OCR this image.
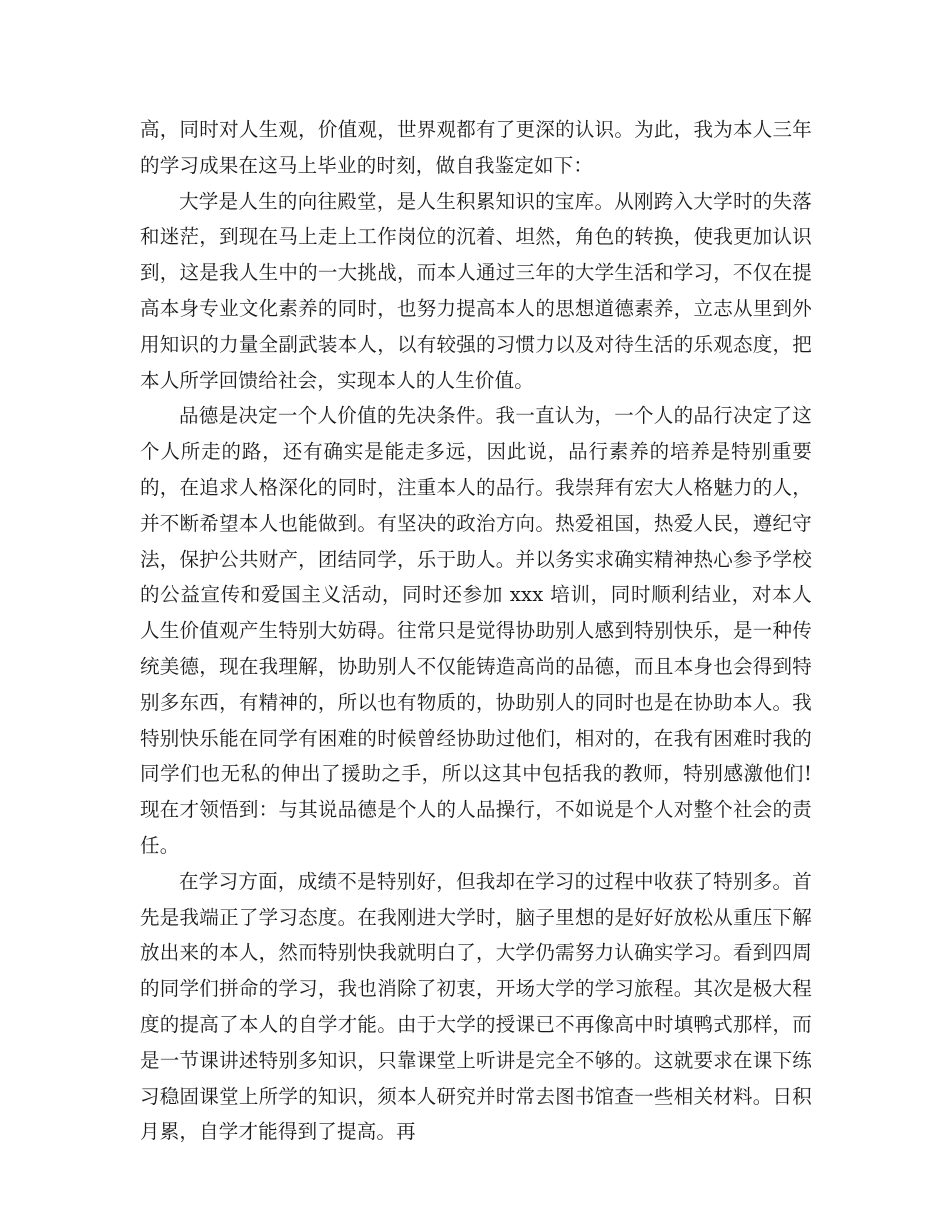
高，同时对人生观，价值观，世界观都有了更深的认识。为此，我为本人三年的学习成果在这马上毕业的时刻，做自我鉴定如下：

大学是人生的向往殿堂，是人生积累知识的宝库。从刚跨入大学时的失落和迷茫，到现在马上走上工作岗位的沉着、坦然，角色的转换，使我更加认识到，这是我人生中的一大挑战，而本人通过三年的大学生活和学习，不仅在提高本身专业文化素养的同时，也努力提高本人的思想道德素养，立志从里到外用知识的力量全副武装本人，以有较强的习惯力以及对待生活的乐观态度，把本人所学回馈给社会，实现本人的人生价值。

品德是决定一个人价值的先决条件。我一直认为，一个人的品行决定了这个人所走的路，还有确实是能走多远，因此说，品行素养的培养是特别重要的，在追求人格深化的同时，注重本人的品行。我崇拜有宏大人格魅力的人，并不断希望本人也能做到。有坚决的政治方向。热爱祖国，热爱人民，遵纪守法，保护公共财产，团结同学，乐于助人。并以务实求确实精神热心参予学校的公益宣传和爱国主义活动，同时还参加 xxx 培训，同时顺利结业，对本人人生价值观产生特别大妨碍。往常只是觉得协助别人感到特别快乐，是一种传统美德，现在我理解，协助别人不仅能铸造高尚的品德，而且本身也会得到特别多东西，有精神的，所以也有物质的，协助别人的同时也是在协助本人。我特别快乐能在同学有困难的时候曾经协助过他们，相对的，在我有困难时我的同学们也无私的伸出了援助之手，所以这其中包括我的教师，特别感激他们!现在才领悟到：与其说品德是个人的人品操行，不如说是个人对整个社会的责任。

在学习方面，成绩不是特别好，但我却在学习的过程中收获了特别多。首先是我端正了学习态度。在我刚进大学时，脑子里想的是好好放松从重压下解放出来的本人，然而特别快我就明白了，大学仍需努力认确实学习。看到四周的同学们拼命的学习，我也消除了初衷，开场大学的学习旅程。其次是极大程度的提高了本人的自学才能。由于大学的授课已不再像高中时填鸭式那样，而是一节课讲述特别多知识，只靠课堂上听讲是完全不够的。这就要求在课下练习稳固课堂上所学的知识，须本人研究并时常去图书馆查一些相关材料。日积月累，自学才能得到了提高。再
